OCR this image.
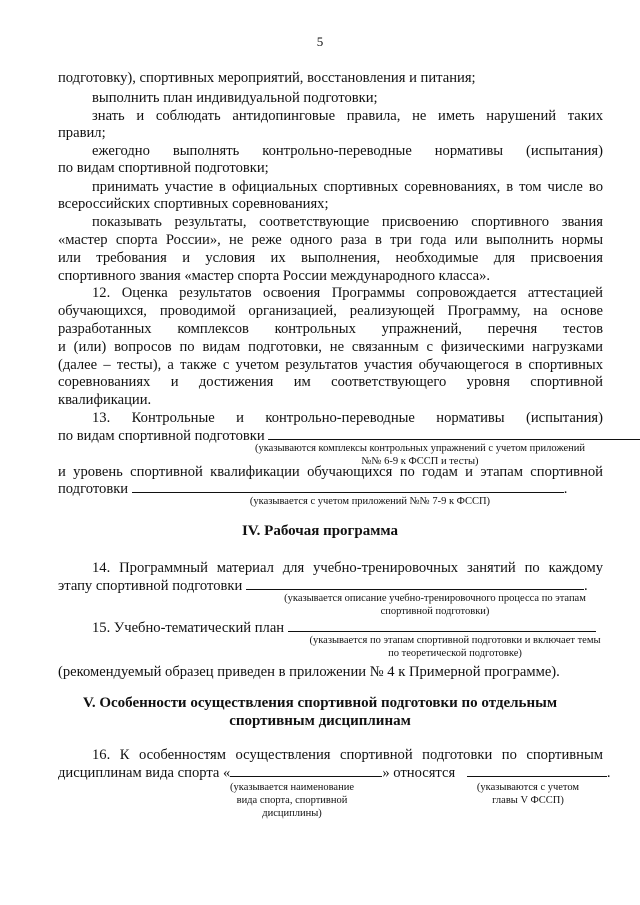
5
подготовку), спортивных мероприятий, восстановления и питания;
выполнить план индивидуальной подготовки;
знать и соблюдать антидопинговые правила, не иметь нарушений таких
правил;
ежегодно выполнять контрольно-переводные нормативы (испытания)
по видам спортивной подготовки;
принимать участие в официальных спортивных соревнованиях, в том числе во
всероссийских спортивных соревнованиях;
показывать результаты, соответствующие присвоению спортивного звания
«мастер спорта России», не реже одного раза в три года или выполнить нормы
или требования и условия их выполнения, необходимые для присвоения
спортивного звания «мастер спорта России международного класса».
12. Оценка результатов освоения Программы сопровождается аттестацией
обучающихся, проводимой организацией, реализующей Программу, на основе
разработанных комплексов контрольных упражнений, перечня тестов
и (или) вопросов по видам подготовки, не связанным с физическими нагрузками
(далее – тесты), а также с учетом результатов участия обучающегося в спортивных
соревнованиях и достижения им соответствующего уровня спортивной
квалификации.
13. Контрольные и контрольно-переводные нормативы (испытания)
по видам спортивной подготовки
(указываются комплексы контрольных упражнений с учетом приложений
№№ 6-9 к ФССП и тесты)
и уровень спортивной квалификации обучающихся по годам и этапам спортивной
подготовки	.
(указывается с учетом приложений №№ 7-9 к ФССП)
IV. Рабочая программа
14. Программный материал для учебно-тренировочных занятий по каждому
этапу спортивной подготовки	.
(указывается описание учебно-тренировочного процесса по этапам
спортивной подготовки)
15. Учебно-тематический план
(указывается по этапам спортивной подготовки и включает темы
по теоретической подготовке)
(рекомендуемый образец приведен в приложении № 4 к Примерной программе).
V. Особенности осуществления спортивной подготовки по отдельным
спортивным дисциплинам
16. К особенностям осуществления спортивной подготовки по спортивным
дисциплинам вида спорта «	» относятся	.
(указывается наименование
вида спорта, спортивной
дисциплины)
(указываются с учетом
главы V ФССП)
